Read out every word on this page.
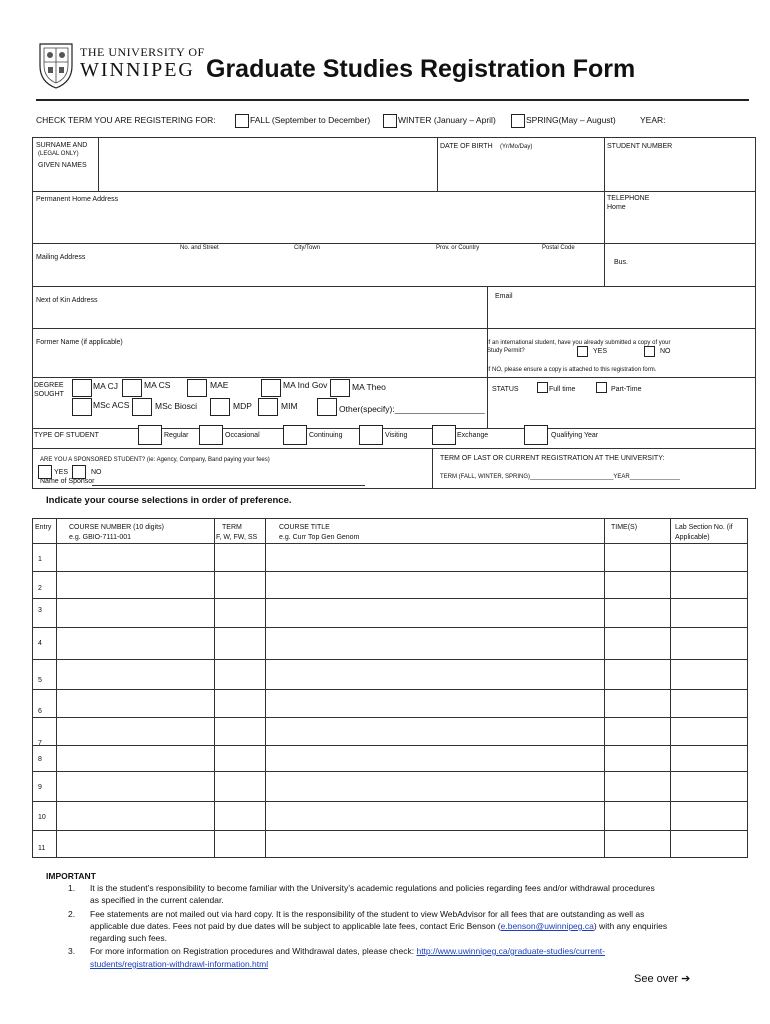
THE UNIVERSITY OF
WINNIPEG Graduate Studies Registration Form
CHECK TERM YOU ARE REGISTERING FOR:	FALL (September to December)	WINTER (January – April)	SPRING(May – August)	YEAR:
SURNAME AND
(LEGAL ONLY)
GIVEN NAMES
DATE OF BIRTH (Yr/Mo/Day)	STUDENT NUMBER
Permanent Home Address	TELEPHONE
Home
No. and Street	City/Town	Prov. or Country	Postal Code
Mailing Address
Bus.
Next of Kin Address
Email
Former Name (if applicable)	If an international student, have you already submitted a copy of your
Study Permit?	YES	NO
If NO, please ensure a copy is attached to this registration form.
DEGREE
SOUGHT
MA CJ	MA CS	MAE	MA Ind Gov	MA Theo
MSc ACS	MSc Biosci	MDP	MIM	Other(specify):___________________
STATUS	Full time	Part-Time
TYPE OF STUDENT	Regular	Occasional	Continuing	Visiting	Exchange	Qualifying Year
ARE YOU A SPONSORED STUDENT? (ie: Agency, Company, Band paying your fees)
YES	NO
Name of Sponsor
TERM OF LAST OR CURRENT REGISTRATION AT THE UNIVERSITY:
TERM (FALL, WINTER, SPRING)_________________________YEAR_______________
Indicate your course selections in order of preference.
Entry	COURSE NUMBER (10 digits)
e.g. GBIO-7111-001
TERM
F, W, FW, SS
COURSE TITLE
e.g. Curr Top Gen Genom
TIME(S)	Lab Section No. (if
Applicable)
1
2
3
4
5
6
7
8
9
10
11
IMPORTANT
1. It is the student’s responsibility to become familiar with the University’s academic regulations and policies regarding fees and/or withdrawal procedures
as specified in the current calendar.
2. Fee statements are not mailed out via hard copy. It is the responsibility of the student to view WebAdvisor for all fees that are outstanding as well as
applicable due dates. Fees not paid by due dates will be subject to applicable late fees, contact Eric Benson (e.benson@uwinnipeg.ca) with any enquiries
regarding such fees.
3. For more information on Registration procedures and Withdrawal dates, please check: http://www.uwinnipeg.ca/graduate-studies/current-
students/registration-withdrawl-information.html
See over ➔
